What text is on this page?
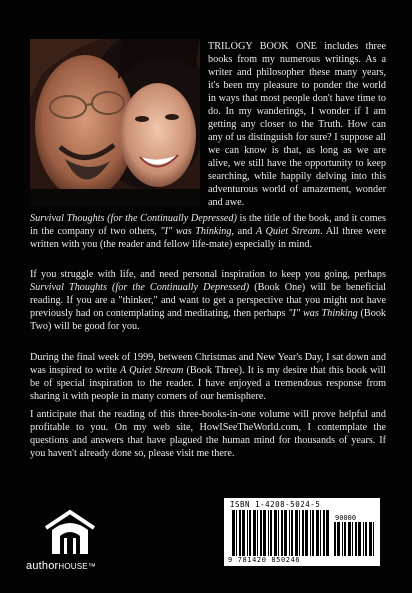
TRILOGY BOOK ONE includes three books from my numerous writings. As a writer and philosopher these many years, it's been my pleasure to ponder the world in ways that most people don't have time to do. In my wanderings, I wonder if I am getting any closer to the Truth. How can any of us distinguish for sure? I suppose all we can know is that, as long as we are alive, we still have the opportunity to keep searching, while happily delving into this adventurous world of amazement, wonder and awe.
Survival Thoughts (for the Continually Depressed) is the title of the book, and it comes in the company of two others, "I" was Thinking, and A Quiet Stream. All three were written with you (the reader and fellow life-mate) especially in mind.
If you struggle with life, and need personal inspiration to keep you going, perhaps Survival Thoughts (for the Continually Depressed) (Book One) will be beneficial reading. If you are a "thinker," and want to get a perspective that you might not have previously had on contemplating and meditating, then perhaps "I" was Thinking (Book Two) will be good for you.
During the final week of 1999, between Christmas and New Year's Day, I sat down and was inspired to write A Quiet Stream (Book Three). It is my desire that this book will be of special inspiration to the reader. I have enjoyed a tremendous response from sharing it with people in many corners of our hemisphere.
I anticipate that the reading of this three-books-in-one volume will prove helpful and profitable to you. On my web site, HowISeeTheWorld.com, I contemplate the questions and answers that have plagued the human mind for thousands of years. If you haven't already done so, please visit me there.
authorHOUSE™
ISBN 1-4208-5024-5
90000
9 781420 850246
